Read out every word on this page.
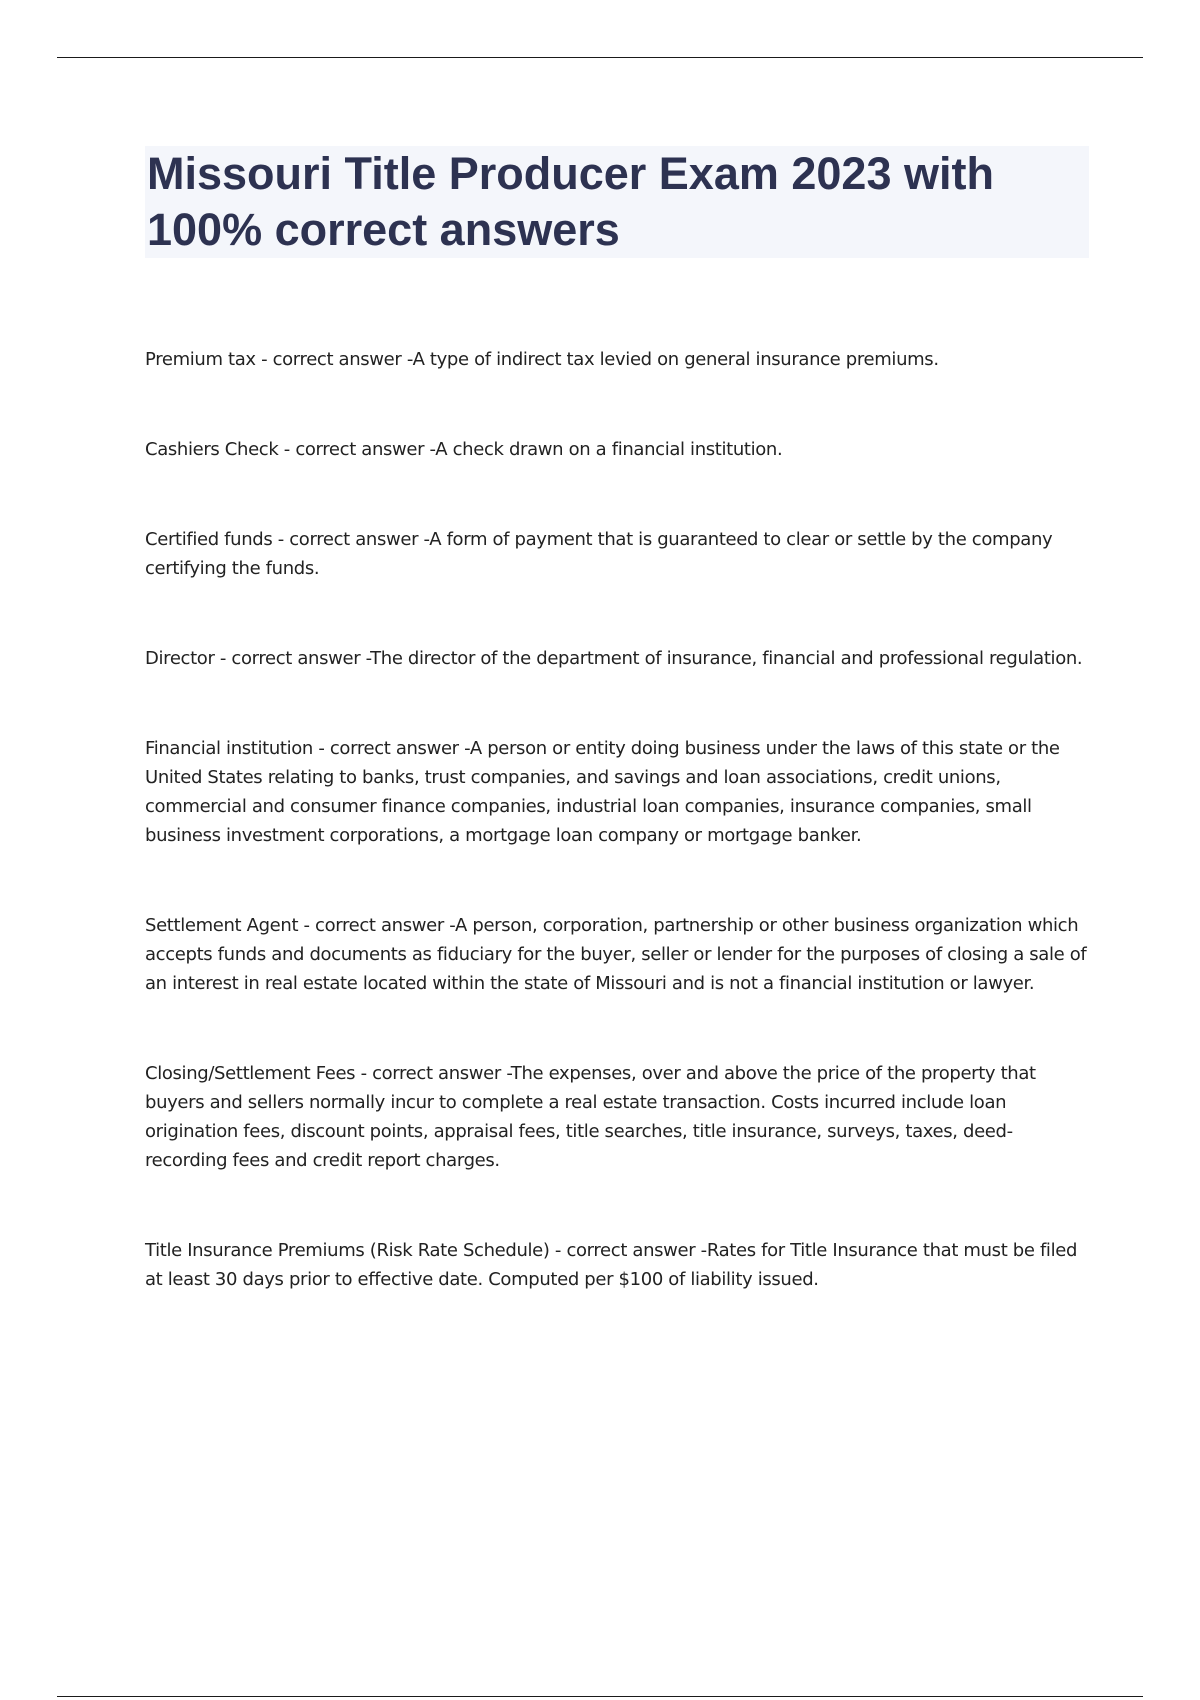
Missouri Title Producer Exam 2023 with 100% correct answers

Premium tax - correct answer -A type of indirect tax levied on general insurance premiums.

Cashiers Check - correct answer -A check drawn on a financial institution.

Certified funds - correct answer -A form of payment that is guaranteed to clear or settle by the company certifying the funds.

Director - correct answer -The director of the department of insurance, financial and professional regulation.

Financial institution - correct answer -A person or entity doing business under the laws of this state or the United States relating to banks, trust companies, and savings and loan associations, credit unions, commercial and consumer finance companies, industrial loan companies, insurance companies, small business investment corporations, a mortgage loan company or mortgage banker.

Settlement Agent - correct answer -A person, corporation, partnership or other business organization which accepts funds and documents as fiduciary for the buyer, seller or lender for the purposes of closing a sale of an interest in real estate located within the state of Missouri and is not a financial institution or lawyer.

Closing/Settlement Fees - correct answer -The expenses, over and above the price of the property that buyers and sellers normally incur to complete a real estate transaction. Costs incurred include loan origination fees, discount points, appraisal fees, title searches, title insurance, surveys, taxes, deed-recording fees and credit report charges.

Title Insurance Premiums (Risk Rate Schedule) - correct answer -Rates for Title Insurance that must be filed at least 30 days prior to effective date. Computed per $100 of liability issued.
